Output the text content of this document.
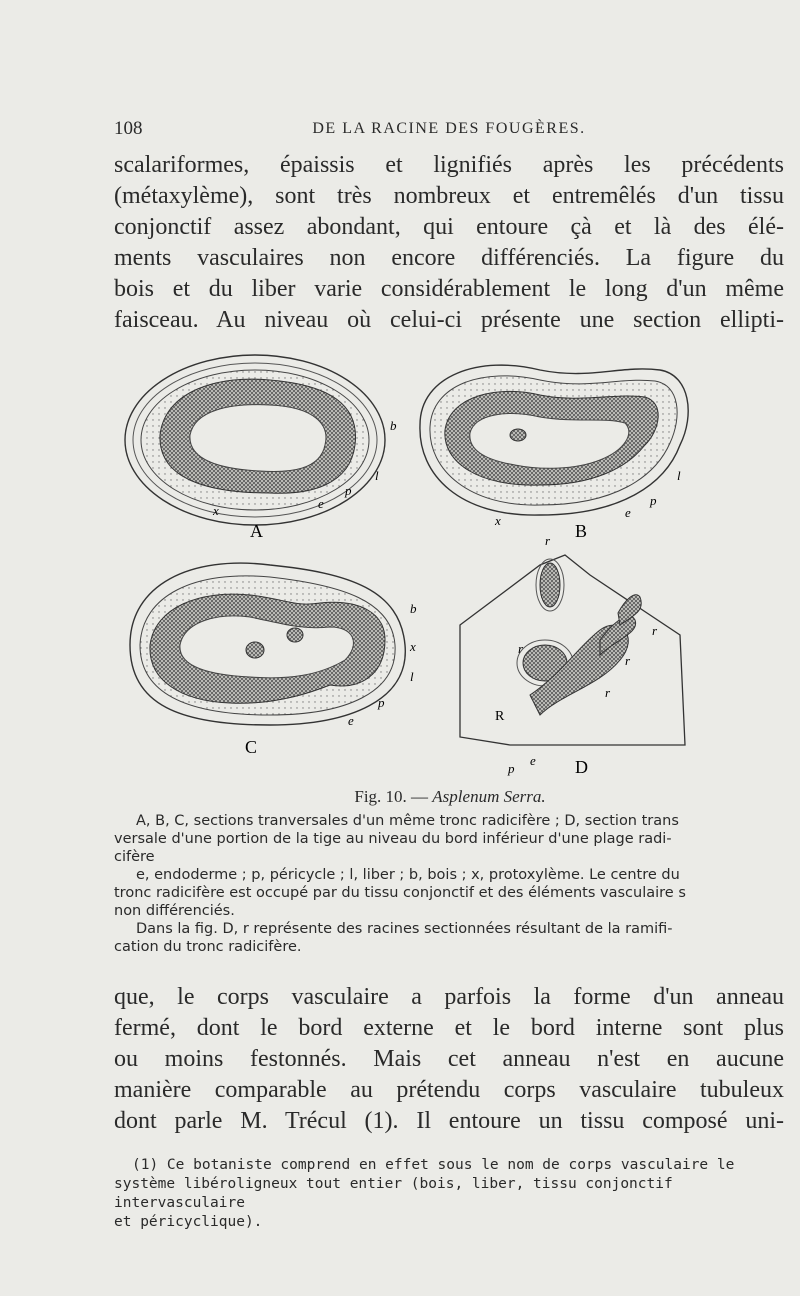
108	DE LA RACINE DES FOUGÈRES.
scalariformes, épaissis et lignifiés après les précédents
(métaxylème), sont très nombreux et entremêlés d'un tissu
conjonctif assez abondant, qui entoure çà et là des élé-
ments vasculaires non encore différenciés. La figure du
bois et du liber varie considérablement le long d'un même
faisceau. Au niveau où celui-ci présente une section ellipti-
A
x	e
p
l
b
B
x
e
p
l
C
b
x
l
p
e
r
r
r
r
r
R
p
e D
Fig. 10. — Asplenum Serra.

A, B, C, sections tranversales d'un même tronc radicifère ; D, section trans

versale d'une portion de la tige au niveau du bord inférieur d'une plage radi-

cifère

e, endoderme ; p, péricycle ; l, liber ; b, bois ; x, protoxylème. Le centre du

tronc radicifère est occupé par du tissu conjonctif et des éléments vasculaire s

non différenciés.

Dans la fig. D, r représente des racines sectionnées résultant de la ramifi-

cation du tronc radicifère.

que, le corps vasculaire a parfois la forme d'un anneau
fermé, dont le bord externe et le bord interne sont plus
ou moins festonnés. Mais cet anneau n'est en aucune
manière comparable au prétendu corps vasculaire tubuleux
dont parle M. Trécul (1). Il entoure un tissu composé uni-
(1) Ce botaniste comprend en effet sous le nom de corps vasculaire le
système libéroligneux tout entier (bois, liber, tissu conjonctif intervasculaire
et péricyclique).
